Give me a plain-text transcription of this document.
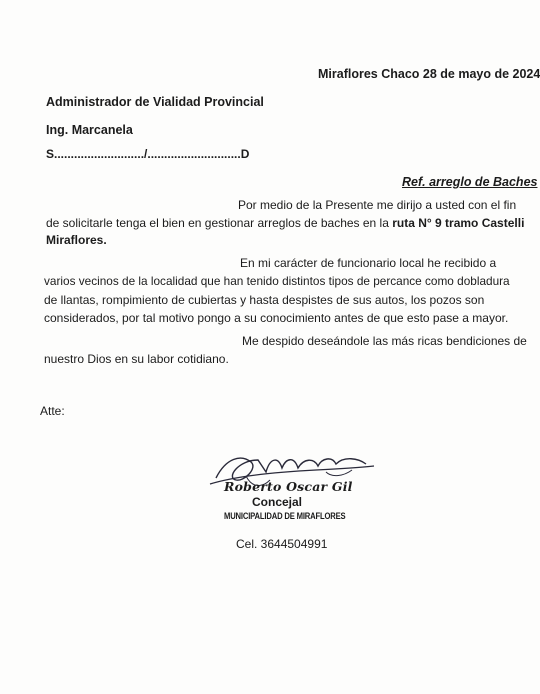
Miraflores Chaco 28 de mayo de 2024
Administrador de Vialidad Provincial
Ing. Marcanela
S.........................../............................D
Ref. arreglo de Baches
Por medio de la Presente me dirijo a usted con el fin
de solicitarle tenga el bien en gestionar arreglos de baches en la ruta N° 9 tramo Castelli
Miraflores.
En mi carácter de funcionario local he recibido a
varios vecinos de la localidad que han tenido distintos tipos de percance como dobladura
de llantas, rompimiento de cubiertas y hasta despistes de sus autos, los pozos son
considerados, por tal motivo pongo a su conocimiento antes de que esto pase a mayor.
Me despido deseándole las más ricas bendiciones de
nuestro Dios en su labor cotidiano.
Atte:
Roberto Oscar Gil
Concejal
MUNICIPALIDAD DE MIRAFLORES
Cel. 3644504991
